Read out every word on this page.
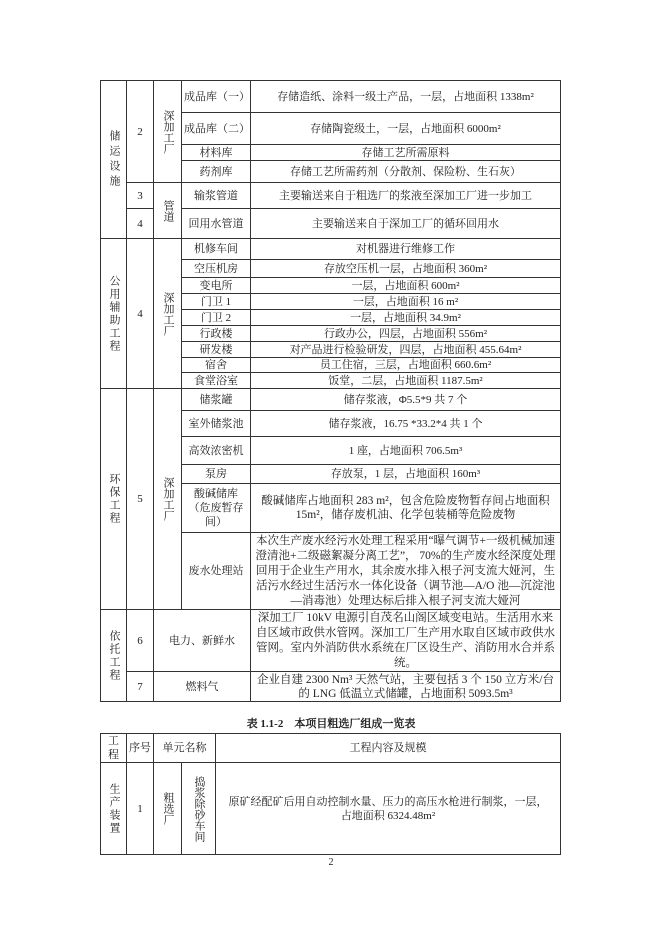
储运设施	2	深加工厂	成品库（一）	存储造纸、涂料一级土产品，一层，占地面积 1338m²
			成品库（二）	存储陶瓷级土，一层，占地面积 6000m²
			材料库	存储工艺所需原料
			药剂库	存储工艺所需药剂（分散剂、保险粉、生石灰）
	3	管道	输浆管道	主要输送来自于粗选厂的浆液至深加工厂进一步加工
	4		回用水管道	主要输送来自于深加工厂的循环回用水
公用辅助工程	4	深加工厂	机修车间	对机器进行维修工作
			空压机房	存放空压机一层，占地面积 360m²
			变电所	一层，占地面积 600m²
			门卫 1	一层，占地面积 16 m²
			门卫 2	一层，占地面积 34.9m²
			行政楼	行政办公，四层，占地面积 556m²
			研发楼	对产品进行检验研发，四层，占地面积 455.64m²
			宿舍	员工住宿，三层，占地面积 660.6m²
			食堂浴室	饭堂，二层，占地面积 1187.5m²
环保工程	5	深加工厂	储浆罐	储存浆液，Φ5.5*9 共 7 个
			室外储浆池	储存浆液，16.75 *33.2*4 共 1 个
			高效浓密机	1 座，占地面积 706.5m³
			泵房	存放泵，1 层，占地面积 160m³
			酸碱储库（危废暂存间）	酸碱储库占地面积 283 m²，包含危险废物暂存间占地面积 15m²，储存废机油、化学包装桶等危险废物
			废水处理站	本次生产废水经污水处理工程采用“曝气调节+一级机械加速澄清池+二级磁絮凝分离工艺”， 70%的生产废水经深度处理回用于企业生产用水，其余废水排入根子河支流大娅河，生活污水经过生活污水一体化设备（调节池—A/O 池—沉淀池—消毒池）处理达标后排入根子河支流大娅河
依托工程	6	电力、新鲜水		深加工厂 10kV 电源引自茂名山阁区域变电站。生活用水来自区域市政供水管网。深加工厂生产用水取自区域市政供水管网。室内外消防供水系统在厂区设生产、消防用水合并系统。
	7	燃料气		企业自建 2300 Nm³ 天然气站，主要包括 3 个 150 立方米/台的 LNG 低温立式储罐，占地面积 5093.5m³
表 1.1-2　本项目粗选厂组成一览表
工程	序号	单元名称		工程内容及规模
生产装置	1	粗选厂	捣浆除砂车间	原矿经配矿后用自动控制水量、压力的高压水枪进行制浆，一层，占地面积 6324.48m²
2
